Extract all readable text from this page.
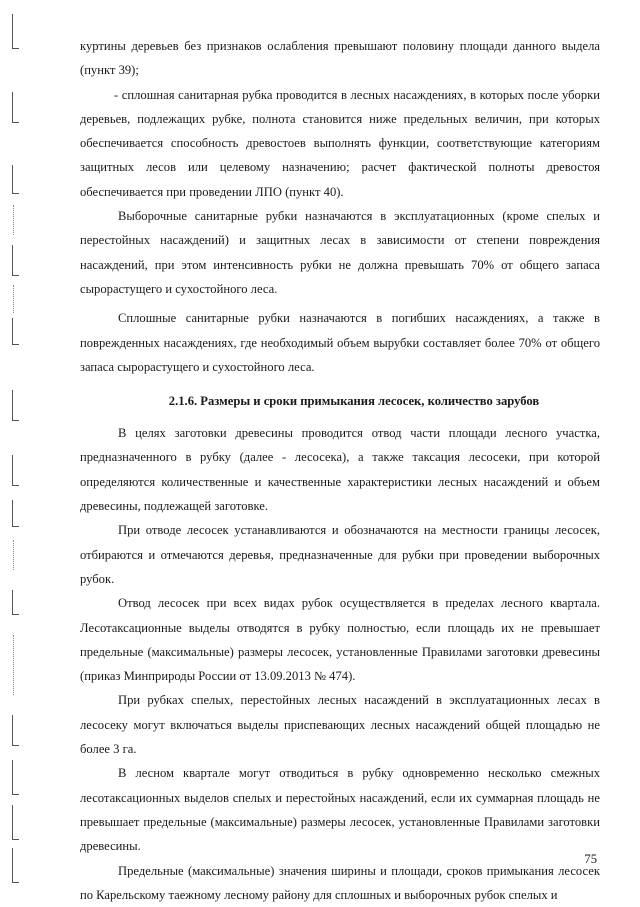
куртины деревьев без признаков ослабления превышают половину площади данного выдела (пункт 39);

- сплошная санитарная рубка проводится в лесных насаждениях, в которых после уборки деревьев, подлежащих рубке, полнота становится ниже предельных величин, при которых обеспечивается способность древостоев выполнять функции, соответствующие категориям защитных лесов или целевому назначению; расчет фактической полноты древостоя обеспечивается при проведении ЛПО (пункт 40).

Выборочные санитарные рубки назначаются в эксплуатационных (кроме спелых и перестойных насаждений) и защитных лесах в зависимости от степени повреждения насаждений, при этом интенсивность рубки не должна превышать 70% от общего запаса сырорастущего и сухостойного леса.

Сплошные санитарные рубки назначаются в погибших насаждениях, а также в поврежденных насаждениях, где необходимый объем вырубки составляет более 70% от общего запаса сырорастущего и сухостойного леса.

2.1.6. Размеры и сроки примыкания лесосек, количество зарубов

В целях заготовки древесины проводится отвод части площади лесного участка, предназначенного в рубку (далее - лесосека), а также таксация лесосеки, при которой определяются количественные и качественные характеристики лесных насаждений и объем древесины, подлежащей заготовке.

При отводе лесосек устанавливаются и обозначаются на местности границы лесосек, отбираются и отмечаются деревья, предназначенные для рубки при проведении выборочных рубок.

Отвод лесосек при всех видах рубок осуществляется в пределах лесного квартала. Лесотаксационные выделы отводятся в рубку полностью, если площадь их не превышает предельные (максимальные) размеры лесосек, установленные Правилами заготовки древесины (приказ Минприроды России от 13.09.2013 № 474).

При рубках спелых, перестойных лесных насаждений в эксплуатационных лесах в лесосеку могут включаться выделы приспевающих лесных насаждений общей площадью не более 3 га.

В лесном квартале могут отводиться в рубку одновременно несколько смежных лесотаксационных выделов спелых и перестойных насаждений, если их суммарная площадь не превышает предельные (максимальные) размеры лесосек, установленные Правилами заготовки древесины.

Предельные (максимальные) значения ширины и площади, сроков примыкания лесосек по Карельскому таежному лесному району для сплошных и выборочных рубок спелых и

75
